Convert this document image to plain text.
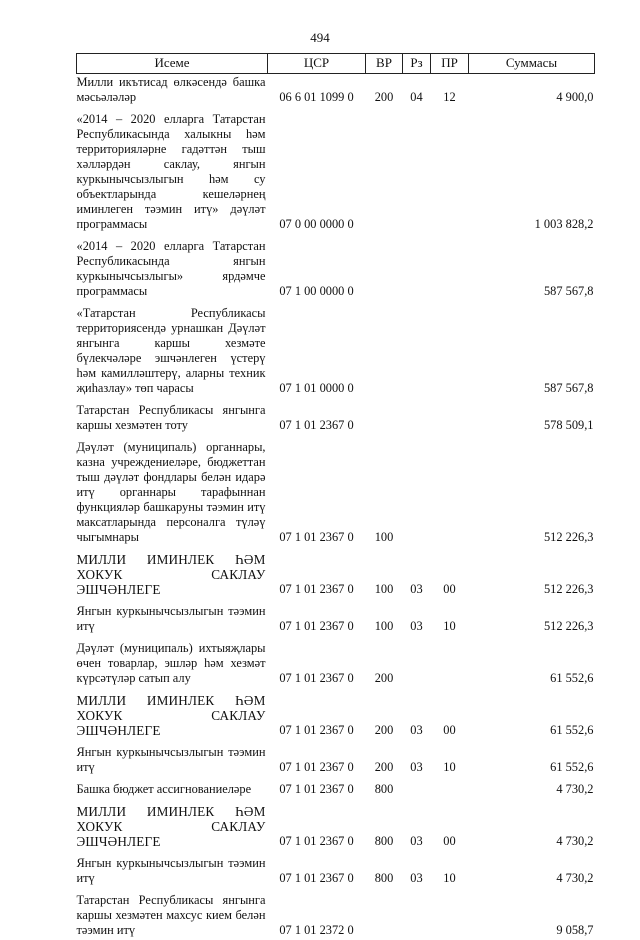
494
Исеме	ЦСР	ВР	Рз	ПР	Суммасы
Милли икътисад өлкәсендә башка мәсьәләләр	06 6 01 1099 0	200	04	12	4 900,0
«2014 – 2020 елларга Татарстан Республикасында халыкны һәм территорияләрне гадәттән тыш хәлләрдән саклау, янгын куркынычсызлыгын һәм су объектларында кешеләрнең иминлеген тәэмин итү» дәүләт программасы	07 0 00 0000 0				1 003 828,2
«2014 – 2020 елларга Татарстан Республикасында янгын куркынычсызлыгы» ярдәмче программасы	07 1 00 0000 0				587 567,8
«Татарстан Республикасы территориясендә урнашкан Дәүләт янгынга каршы хезмәте бүлекчәләре эшчәнлеген үстерү һәм камилләштерү, аларны техник җиһазлау» төп чарасы	07 1 01 0000 0				587 567,8
Татарстан Республикасы янгынга каршы хезмәтен тоту	07 1 01 2367 0				578 509,1
Дәүләт (муниципаль) органнары, казна учреждениеләре, бюджеттан тыш дәүләт фондлары белән идарә итү органнары тарафыннан функцияләр башкаруны тәэмин итү максатларында персоналга түләү чыгымнары	07 1 01 2367 0	100			512 226,3
МИЛЛИ ИМИНЛЕК ҺӘМ ХОКУК САКЛАУ ЭШЧӘНЛЕГЕ	07 1 01 2367 0	100	03	00	512 226,3
Янгын куркынычсызлыгын тәэмин итү	07 1 01 2367 0	100	03	10	512 226,3
Дәүләт (муниципаль) ихтыяҗлары өчен товарлар, эшләр һәм хезмәт күрсәтүләр сатып алу	07 1 01 2367 0	200			61 552,6
МИЛЛИ ИМИНЛЕК ҺӘМ ХОКУК САКЛАУ ЭШЧӘНЛЕГЕ	07 1 01 2367 0	200	03	00	61 552,6
Янгын куркынычсызлыгын тәэмин итү	07 1 01 2367 0	200	03	10	61 552,6
Башка бюджет ассигнованиеләре	07 1 01 2367 0	800			4 730,2
МИЛЛИ ИМИНЛЕК ҺӘМ ХОКУК САКЛАУ ЭШЧӘНЛЕГЕ	07 1 01 2367 0	800	03	00	4 730,2
Янгын куркынычсызлыгын тәэмин итү	07 1 01 2367 0	800	03	10	4 730,2
Татарстан Республикасы янгынга каршы хезмәтен махсус кием белән тәэмин итү	07 1 01 2372 0				9 058,7
